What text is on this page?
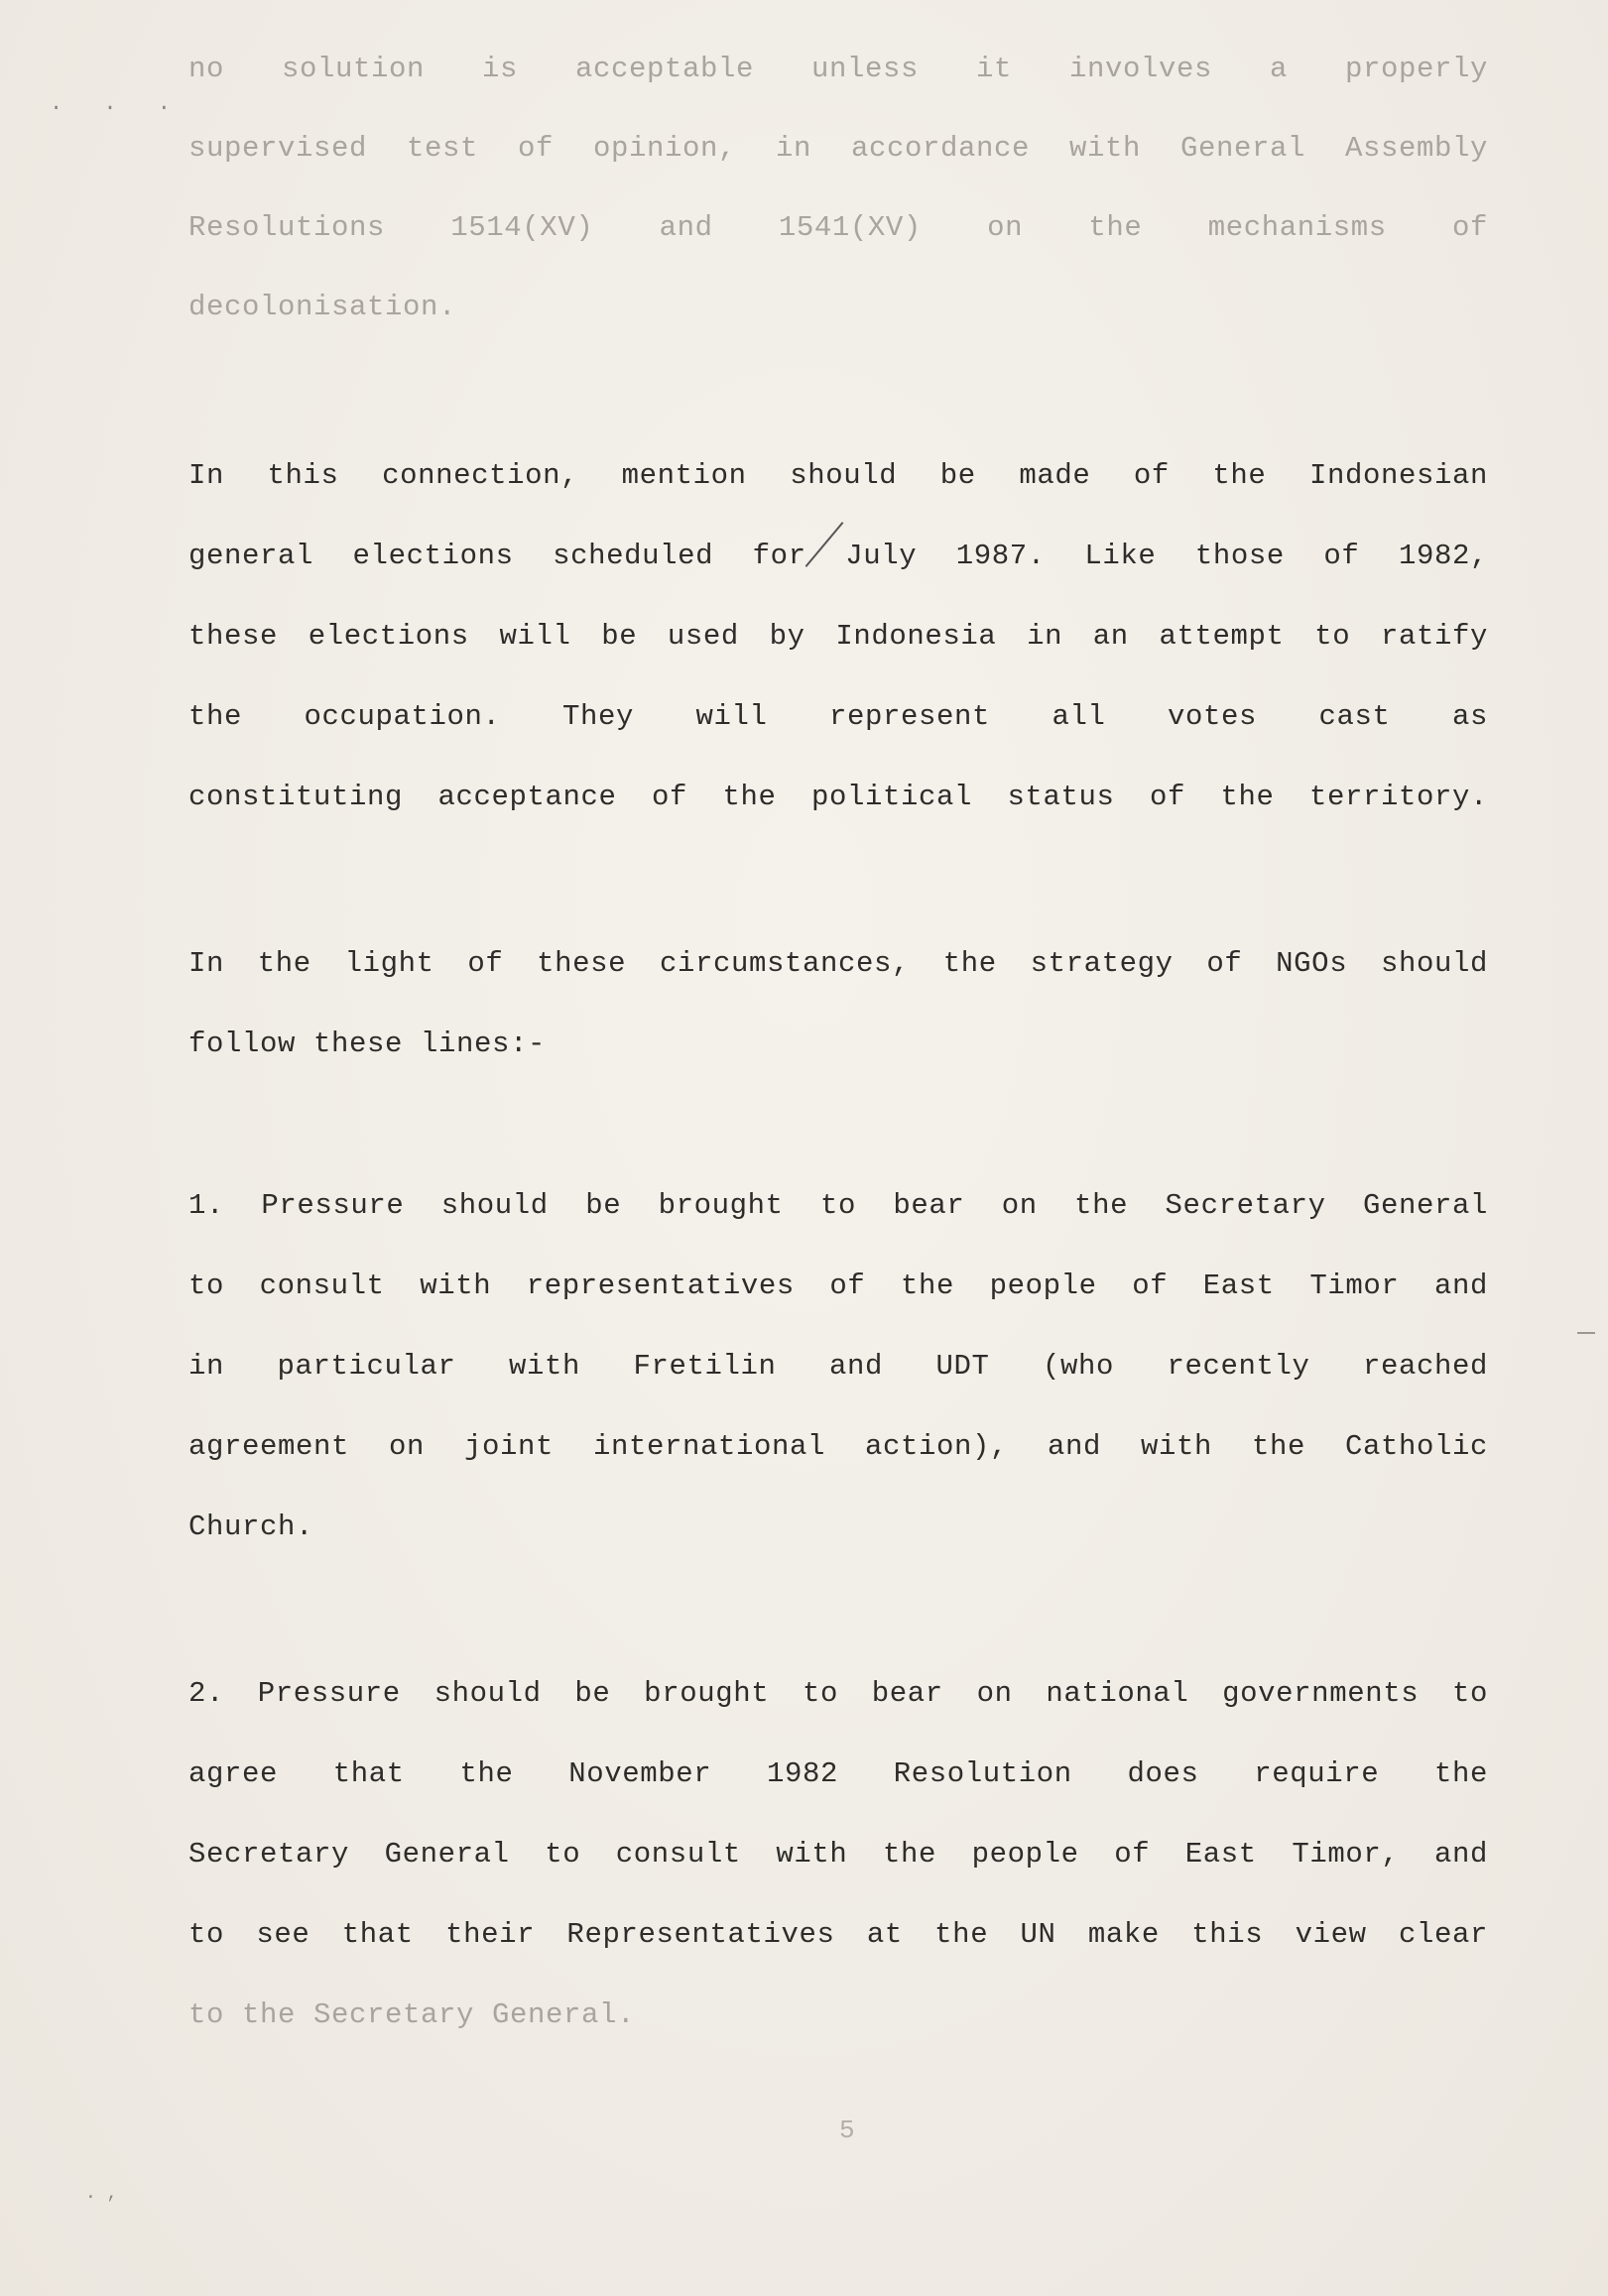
. . .
no solution is acceptable unless it involves a properly
supervised test of opinion, in accordance with General Assembly
Resolutions 1514(XV) and 1541(XV) on the mechanisms of
decolonisation.
In this connection, mention should be made of the Indonesian
general elections scheduled for July 1987. Like those of 1982,
these elections will be used by Indonesia in an attempt to ratify
the occupation. They will represent all votes cast as
constituting acceptance of the political status of the territory.
In the light of these circumstances, the strategy of NGOs should
follow these lines:-
1. Pressure should be brought to bear on the Secretary General
to consult with representatives of the people of East Timor and
in particular with Fretilin and UDT (who recently reached
agreement on joint international action), and with the Catholic
Church.
2. Pressure should be brought to bear on national governments to
agree that the November 1982 Resolution does require the
Secretary General to consult with the people of East Timor, and
to see that their Representatives at the UN make this view clear
to the Secretary General.
5
. ,
